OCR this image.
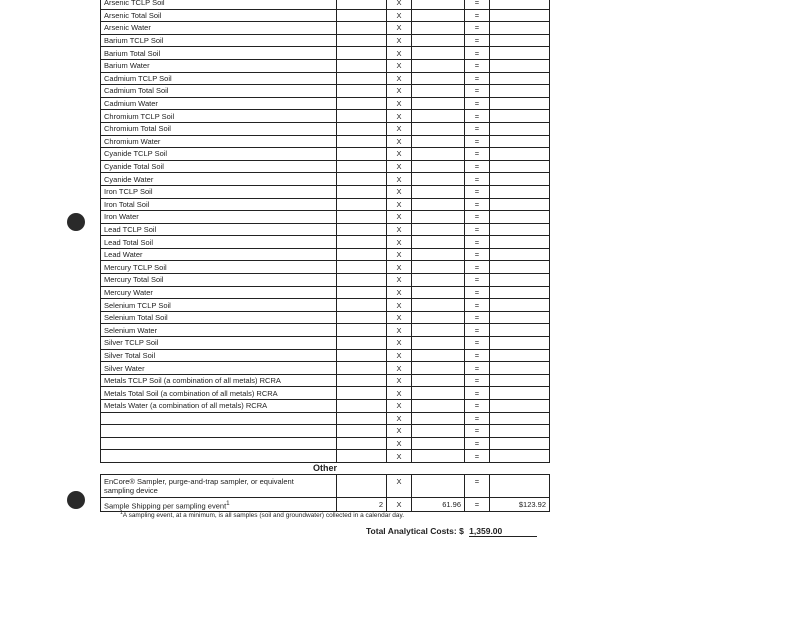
Arsenic TCLP Soil		X		=	
Arsenic Total Soil		X		=	
Arsenic Water		X		=	
Barium TCLP Soil		X		=	
Barium Total Soil		X		=	
Barium Water		X		=	
Cadmium TCLP Soil		X		=	
Cadmium Total Soil		X		=	
Cadmium Water		X		=	
Chromium TCLP Soil		X		=	
Chromium Total Soil		X		=	
Chromium Water		X		=	
Cyanide TCLP Soil		X		=	
Cyanide Total Soil		X		=	
Cyanide Water		X		=	
Iron TCLP Soil		X		=	
Iron Total Soil		X		=	
Iron Water		X		=	
Lead TCLP Soil		X		=	
Lead Total Soil		X		=	
Lead Water		X		=	
Mercury TCLP Soil		X		=	
Mercury Total Soil		X		=	
Mercury Water		X		=	
Selenium TCLP Soil		X		=	
Selenium Total Soil		X		=	
Selenium Water		X		=	
Silver TCLP Soil		X		=	
Silver Total Soil		X		=	
Silver Water		X		=	
Metals TCLP Soil (a combination of all metals) RCRA		X		=	
Metals Total Soil (a combination of all metals) RCRA		X		=	
Metals Water (a combination of all metals) RCRA		X		=	
		X		=	
		X		=	
		X		=	
		X		=	
Other					
EnCore® Sampler, purge-and-trap sampler, or equivalent
sampling device		X		=	
Sample Shipping per sampling event$^1$	2	X	61.96	=	$123.92
$^1$A sampling event, at a minimum, is all samples (soil and groundwater) collected in a calendar day.
Total Analytical Costs: $ 1,359.00
